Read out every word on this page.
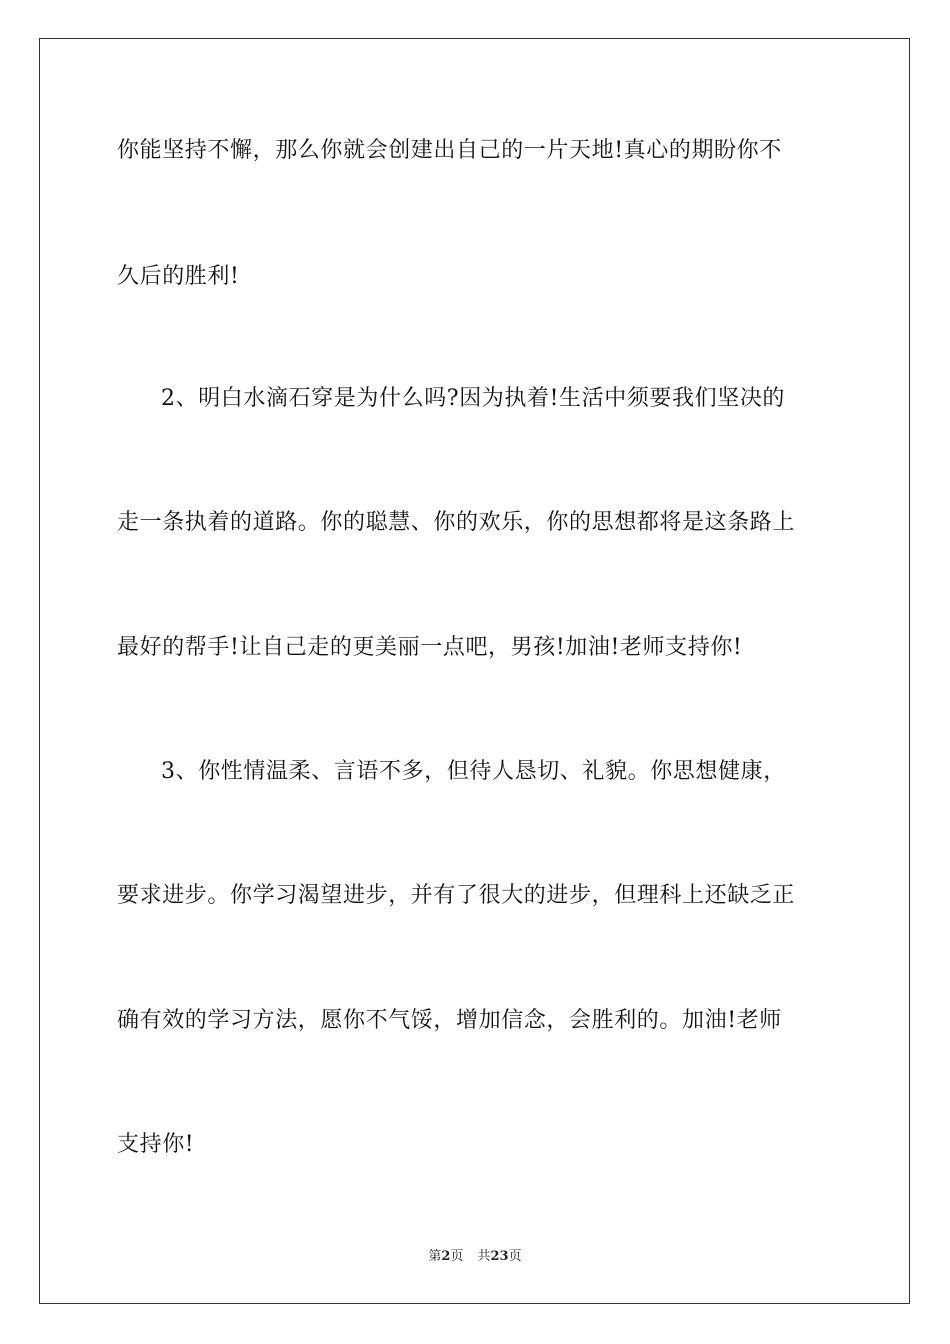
你能坚持不懈，那么你就会创建出自己的一片天地!真心的期盼你不
久后的胜利!
2、明白水滴石穿是为什么吗?因为执着!生活中须要我们坚决的
走一条执着的道路。你的聪慧、你的欢乐，你的思想都将是这条路上
最好的帮手!让自己走的更美丽一点吧，男孩!加油!老师支持你!
3、你性情温柔、言语不多，但待人恳切、礼貌。你思想健康，
要求进步。你学习渴望进步，并有了很大的进步，但理科上还缺乏正
确有效的学习方法，愿你不气馁，增加信念，会胜利的。加油!老师
支持你!
第2页 共23页
